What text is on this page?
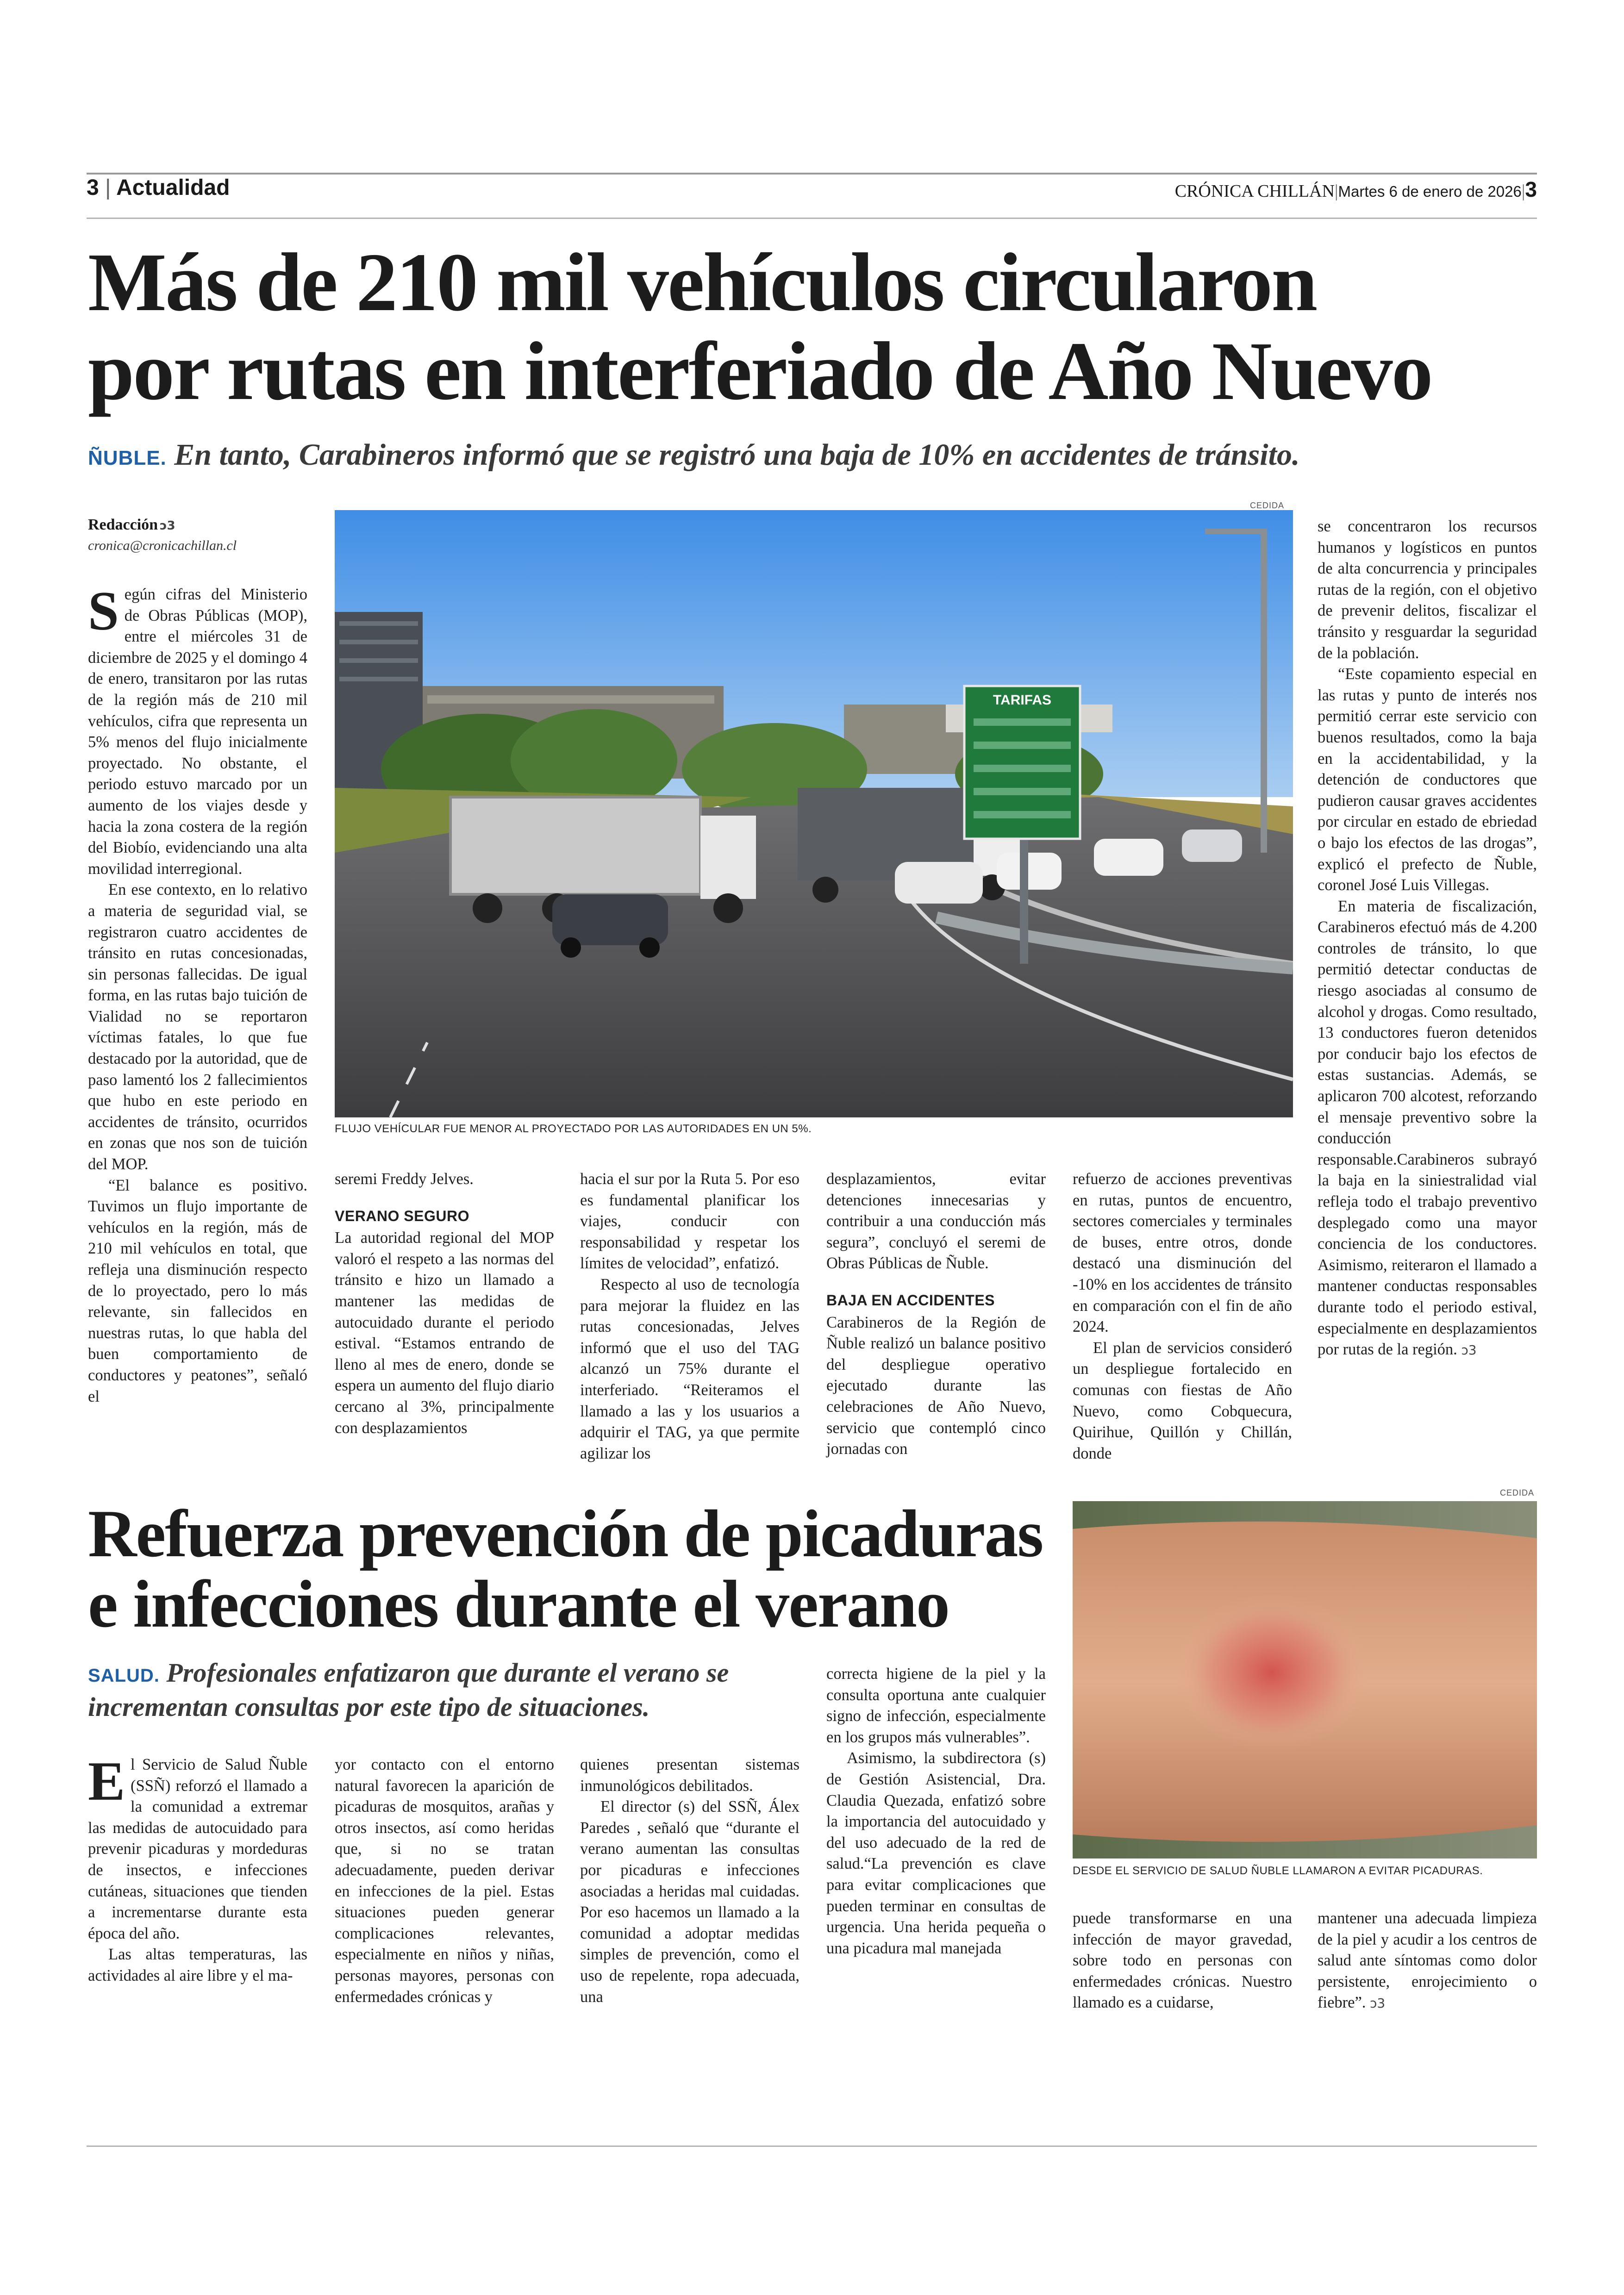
3 | Actualidad	CRÓNICA CHILLÁN|Martes 6 de enero de 2026|3
Más de 210 mil vehículos circularon
por rutas en interferiado de Año Nuevo
ÑUBLE. En tanto, Carabineros informó que se registró una baja de 10% en accidentes de tránsito.
Redacción ↄ3
cronica@cronicachillan.cl
CEDIDA
TARIFAS
FLUJO VEHÍCULAR FUE MENOR AL PROYECTADO POR LAS AUTORIDADES EN UN 5%.

Según cifras del Ministerio de Obras Públicas (MOP), entre el miércoles 31 de diciembre de 2025 y el domingo 4 de enero, transitaron por las rutas de la región más de 210 mil vehículos, cifra que representa un 5% menos del flujo inicialmente proyectado. No obstante, el periodo estuvo marcado por un aumento de los viajes desde y hacia la zona costera de la región del Biobío, evidenciando una alta movilidad interregional.

En ese contexto, en lo relativo a materia de seguridad vial, se registraron cuatro accidentes de tránsito en rutas concesionadas, sin personas fallecidas. De igual forma, en las rutas bajo tuición de Vialidad no se reportaron víctimas fatales, lo que fue destacado por la autoridad, que de paso lamentó los 2 fallecimientos que hubo en este periodo en accidentes de tránsito, ocurridos en zonas que nos son de tuición del MOP.

“El balance es positivo. Tuvimos un flujo importante de vehículos en la región, más de 210 mil vehículos en total, que refleja una disminución respecto de lo proyectado, pero lo más relevante, sin fallecidos en nuestras rutas, lo que habla del buen comportamiento de conductores y peatones”, señaló el

seremi Freddy Jelves.

VERANO SEGURO

La autoridad regional del MOP valoró el respeto a las normas del tránsito e hizo un llamado a mantener las medidas de autocuidado durante el periodo estival. “Estamos entrando de lleno al mes de enero, donde se espera un aumento del flujo diario cercano al 3%, principalmente con desplazamientos

hacia el sur por la Ruta 5. Por eso es fundamental planificar los viajes, conducir con responsabilidad y respetar los límites de velocidad”, enfatizó.

Respecto al uso de tecnología para mejorar la fluidez en las rutas concesionadas, Jelves informó que el uso del TAG alcanzó un 75% durante el interferiado. “Reiteramos el llamado a las y los usuarios a adquirir el TAG, ya que permite agilizar los

desplazamientos, evitar detenciones innecesarias y contribuir a una conducción más segura”, concluyó el seremi de Obras Públicas de Ñuble.

BAJA EN ACCIDENTES

Carabineros de la Región de Ñuble realizó un balance positivo del despliegue operativo ejecutado durante las celebraciones de Año Nuevo, servicio que contempló cinco jornadas con

refuerzo de acciones preventivas en rutas, puntos de encuentro, sectores comerciales y terminales de buses, entre otros, donde destacó una disminución del -10% en los accidentes de tránsito en comparación con el fin de año 2024.

El plan de servicios consideró un despliegue fortalecido en comunas con fiestas de Año Nuevo, como Cobquecura, Quirihue, Quillón y Chillán, donde

se concentraron los recursos humanos y logísticos en puntos de alta concurrencia y principales rutas de la región, con el objetivo de prevenir delitos, fiscalizar el tránsito y resguardar la seguridad de la población.

“Este copamiento especial en las rutas y punto de interés nos permitió cerrar este servicio con buenos resultados, como la baja en la accidentabilidad, y la detención de conductores que pudieron causar graves accidentes por circular en estado de ebriedad o bajo los efectos de las drogas”, explicó el prefecto de Ñuble, coronel José Luis Villegas.

En materia de fiscalización, Carabineros efectuó más de 4.200 controles de tránsito, lo que permitió detectar conductas de riesgo asociadas al consumo de alcohol y drogas. Como resultado, 13 conductores fueron detenidos por conducir bajo los efectos de estas sustancias. Además, se aplicaron 700 alcotest, reforzando el mensaje preventivo sobre la conducción responsable.Carabineros subrayó la baja en la siniestralidad vial refleja todo el trabajo preventivo desplegado como una mayor conciencia de los conductores. Asimismo, reiteraron el llamado a mantener conductas responsables durante todo el periodo estival, especialmente en desplazamientos por rutas de la región. ↄ3

Refuerza prevención de picaduras
e infecciones durante el verano
SALUD. Profesionales enfatizaron que durante el verano se
incrementan consultas por este tipo de situaciones.
CEDIDA
DESDE EL SERVICIO DE SALUD ÑUBLE LLAMARON A EVITAR PICADURAS.

El Servicio de Salud Ñuble (SSÑ) reforzó el llamado a la comunidad a extremar las medidas de autocuidado para prevenir picaduras y mordeduras de insectos, e infecciones cutáneas, situaciones que tienden a incrementarse durante esta época del año.

Las altas temperaturas, las actividades al aire libre y el ma-

yor contacto con el entorno natural favorecen la aparición de picaduras de mosquitos, arañas y otros insectos, así como heridas que, si no se tratan adecuadamente, pueden derivar en infecciones de la piel. Estas situaciones pueden generar complicaciones relevantes, especialmente en niños y niñas, personas mayores, personas con enfermedades crónicas y

quienes presentan sistemas inmunológicos debilitados.

El director (s) del SSÑ, Álex Paredes , señaló que “durante el verano aumentan las consultas por picaduras e infecciones asociadas a heridas mal cuidadas. Por eso hacemos un llamado a la comunidad a adoptar medidas simples de prevención, como el uso de repelente, ropa adecuada, una

correcta higiene de la piel y la consulta oportuna ante cualquier signo de infección, especialmente en los grupos más vulnerables”.

Asimismo, la subdirectora (s) de Gestión Asistencial, Dra. Claudia Quezada, enfatizó sobre la importancia del autocuidado y del uso adecuado de la red de salud.“La prevención es clave para evitar complicaciones que pueden terminar en consultas de urgencia. Una herida pequeña o una picadura mal manejada

puede transformarse en una infección de mayor gravedad, sobre todo en personas con enfermedades crónicas. Nuestro llamado es a cuidarse,

mantener una adecuada limpieza de la piel y acudir a los centros de salud ante síntomas como dolor persistente, enrojecimiento o fiebre”. ↄ3
